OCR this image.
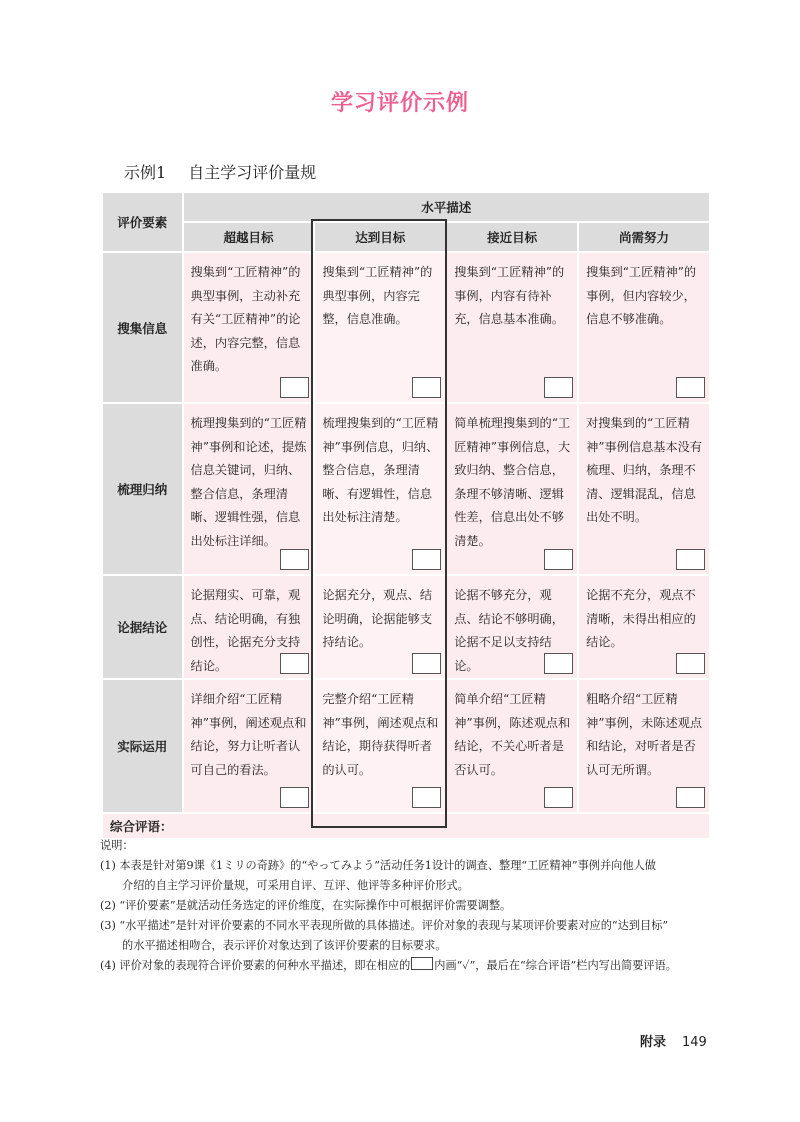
学习评价示例
示例1 自主学习评价量规
评价要素	水平描述			
	超越目标	达到目标	接近目标	尚需努力
搜集信息	搜集到“工匠精神”的典型事例，主动补充有关“工匠精神”的论述，内容完整，信息准确。	搜集到“工匠精神”的典型事例，内容完整，信息准确。	搜集到“工匠精神”的事例，内容有待补充，信息基本准确。	搜集到“工匠精神”的事例，但内容较少，信息不够准确。

梳理归纳	梳理搜集到的“工匠精神”事例和论述，提炼信息关键词，归纳、整合信息，条理清晰、逻辑性强，信息出处标注详细。	梳理搜集到的“工匠精神”事例信息，归纳、整合信息，条理清晰、有逻辑性，信息出处标注清楚。	简单梳理搜集到的“工匠精神”事例信息，大致归纳、整合信息，条理不够清晰、逻辑性差，信息出处不够清楚。	对搜集到的“工匠精神”事例信息基本没有梳理、归纳，条理不清、逻辑混乱，信息出处不明。

论据结论	论据翔实、可靠，观点、结论明确，有独创性，论据充分支持结论。	论据充分，观点、结论明确，论据能够支持结论。	论据不够充分，观点、结论不够明确，论据不足以支持结论。	论据不充分，观点不清晰，未得出相应的结论。

实际运用	详细介绍“工匠精神”事例，阐述观点和结论，努力让听者认可自己的看法。	完整介绍“工匠精神”事例，阐述观点和结论，期待获得听者的认可。	简单介绍“工匠精神”事例，陈述观点和结论，不关心听者是否认可。	粗略介绍“工匠精神”事例，未陈述观点和结论，对听者是否认可无所谓。

综合评语：				

说明：

(1) 本表是针对第9课《1ミリの奇跡》的“やってみよう”活动任务1设计的调查、整理“工匠精神”事例并向他人做

介绍的自主学习评价量规，可采用自评、互评、他评等多种评价形式。

(2) “评价要素”是就活动任务选定的评价维度，在实际操作中可根据评价需要调整。

(3) “水平描述”是针对评价要素的不同水平表现所做的具体描述。评价对象的表现与某项评价要素对应的“达到目标”

的水平描述相吻合，表示评价对象达到了该评价要素的目标要求。

(4) 评价对象的表现符合评价要素的何种水平描述，即在相应的 内画“✓”，最后在“综合评语”栏内写出简要评语。

附录 149
